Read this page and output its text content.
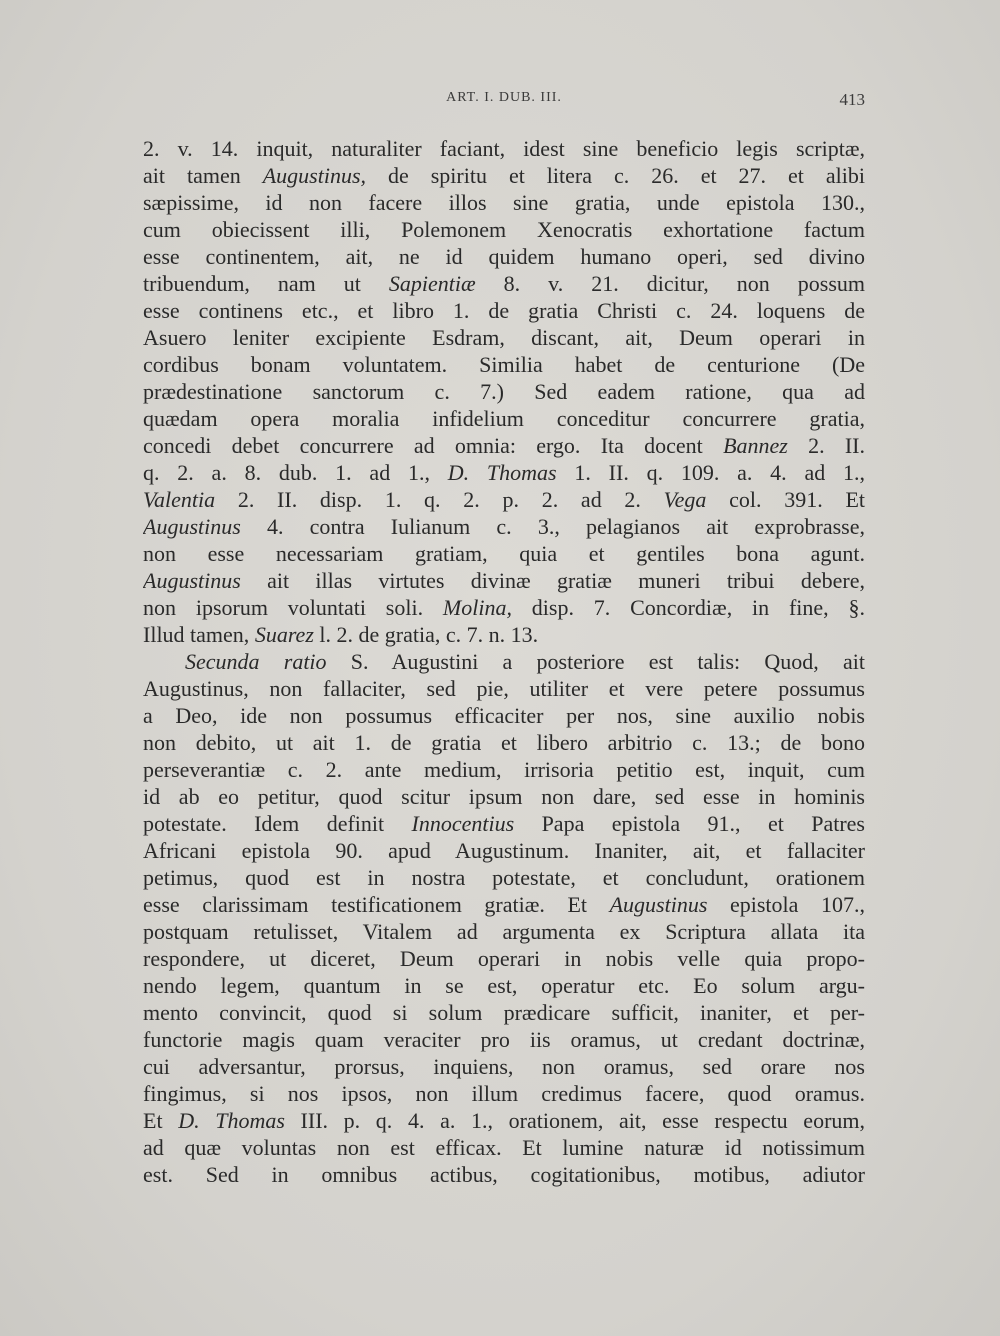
ART. I. DUB. III.	413
2. v. 14. inquit, naturaliter faciant, idest sine beneficio legis scriptæ,
ait tamen Augustinus, de spiritu et litera c. 26. et 27. et alibi
sæpissime, id non facere illos sine gratia, unde epistola 130.,
cum obiecissent illi, Polemonem Xenocratis exhortatione factum
esse continentem, ait, ne id quidem humano operi, sed divino
tribuendum, nam ut Sapientiæ 8. v. 21. dicitur, non possum
esse continens etc., et libro 1. de gratia Christi c. 24. loquens de
Asuero leniter excipiente Esdram, discant, ait, Deum operari in
cordibus bonam voluntatem. Similia habet de centurione (De
prædestinatione sanctorum c. 7.) Sed eadem ratione, qua ad
quædam opera moralia infidelium conceditur concurrere gratia,
concedi debet concurrere ad omnia: ergo. Ita docent Bannez 2. II.
q. 2. a. 8. dub. 1. ad 1., D. Thomas 1. II. q. 109. a. 4. ad 1.,
Valentia 2. II. disp. 1. q. 2. p. 2. ad 2. Vega col. 391. Et
Augustinus 4. contra Iulianum c. 3., pelagianos ait exprobrasse,
non esse necessariam gratiam, quia et gentiles bona agunt.
Augustinus ait illas virtutes divinæ gratiæ muneri tribui debere,
non ipsorum voluntati soli. Molina, disp. 7. Concordiæ, in fine, §.
Illud tamen, Suarez l. 2. de gratia, c. 7. n. 13.
Secunda ratio S. Augustini a posteriore est talis: Quod, ait
Augustinus, non fallaciter, sed pie, utiliter et vere petere possumus
a Deo, ide non possumus efficaciter per nos, sine auxilio nobis
non debito, ut ait 1. de gratia et libero arbitrio c. 13.; de bono
perseverantiæ c. 2. ante medium, irrisoria petitio est, inquit, cum
id ab eo petitur, quod scitur ipsum non dare, sed esse in hominis
potestate. Idem definit Innocentius Papa epistola 91., et Patres
Africani epistola 90. apud Augustinum. Inaniter, ait, et fallaciter
petimus, quod est in nostra potestate, et concludunt, orationem
esse clarissimam testificationem gratiæ. Et Augustinus epistola 107.,
postquam retulisset, Vitalem ad argumenta ex Scriptura allata ita
respondere, ut diceret, Deum operari in nobis velle quia propo-
nendo legem, quantum in se est, operatur etc. Eo solum argu-
mento convincit, quod si solum prædicare sufficit, inaniter, et per-
functorie magis quam veraciter pro iis oramus, ut credant doctrinæ,
cui adversantur, prorsus, inquiens, non oramus, sed orare nos
fingimus, si nos ipsos, non illum credimus facere, quod oramus.
Et D. Thomas III. p. q. 4. a. 1., orationem, ait, esse respectu eorum,
ad quæ voluntas non est efficax. Et lumine naturæ id notissimum
est. Sed in omnibus actibus, cogitationibus, motibus, adiutor
